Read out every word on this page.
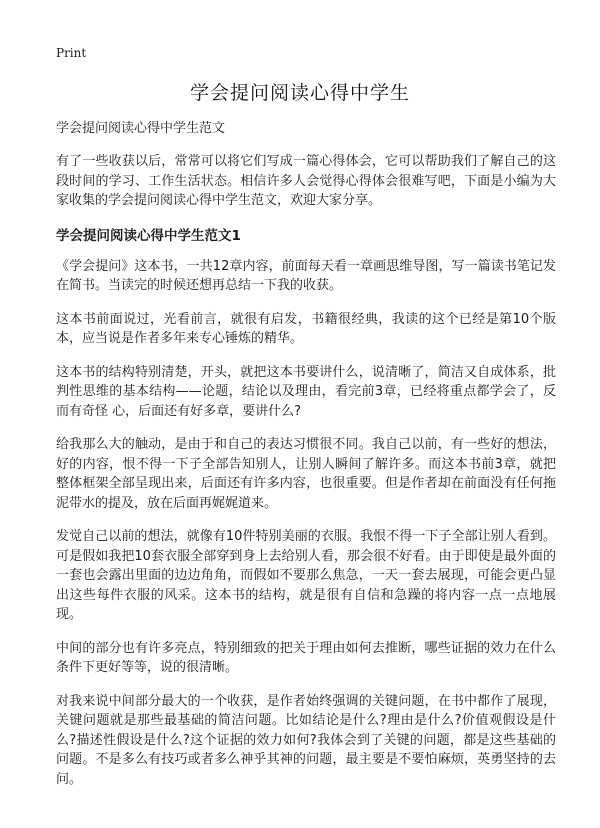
Print
学会提问阅读心得中学生
学会提问阅读心得中学生范文

有了一些收获以后，常常可以将它们写成一篇心得体会，它可以帮助我们了解自己的这段时间的学习、工作生活状态。相信许多人会觉得心得体会很难写吧，下面是小编为大家收集的学会提问阅读心得中学生范文，欢迎大家分享。

学会提问阅读心得中学生范文1

《学会提问》这本书，一共12章内容，前面每天看一章画思维导图，写一篇读书笔记发在简书。当读完的时候还想再总结一下我的收获。

这本书前面说过，光看前言，就很有启发，书籍很经典，我读的这个已经是第10个版本，应当说是作者多年来专心锤炼的精华。

这本书的结构特别清楚，开头，就把这本书要讲什么，说清晰了，简洁又自成体系，批判性思维的基本结构——论题，结论以及理由，看完前3章，已经将重点都学会了，反而有奇怪 心，后面还有好多章，要讲什么?

给我那么大的触动，是由于和自己的表达习惯很不同。我自己以前，有一些好的想法，好的内容，恨不得一下子全部告知别人，让别人瞬间了解许多。而这本书前3章，就把整体框架全部呈现出来，后面还有许多内容，也很重要。但是作者却在前面没有任何拖泥带水的提及，放在后面再娓娓道来。

发觉自己以前的想法，就像有10件特别美丽的衣服。我恨不得一下子全部让别人看到。可是假如我把10套衣服全部穿到身上去给别人看，那会很不好看。由于即使是最外面的一套也会露出里面的边边角角，而假如不要那么焦急，一天一套去展现，可能会更凸显出这些每件衣服的风采。这本书的结构，就是很有自信和急躁的将内容一点一点地展现。

中间的部分也有许多亮点，特别细致的把关于理由如何去推断，哪些证据的效力在什么条件下更好等等，说的很清晰。

对我来说中间部分最大的一个收获，是作者始终强调的关键问题，在书中都作了展现，关键问题就是那些最基础的简洁问题。比如结论是什么?理由是什么?价值观假设是什么?描述性假设是什么?这个证据的效力如何?我体会到了关键的问题，都是这些基础的问题。不是多么有技巧或者多么神乎其神的问题，最主要是不要怕麻烦，英勇坚持的去问。
